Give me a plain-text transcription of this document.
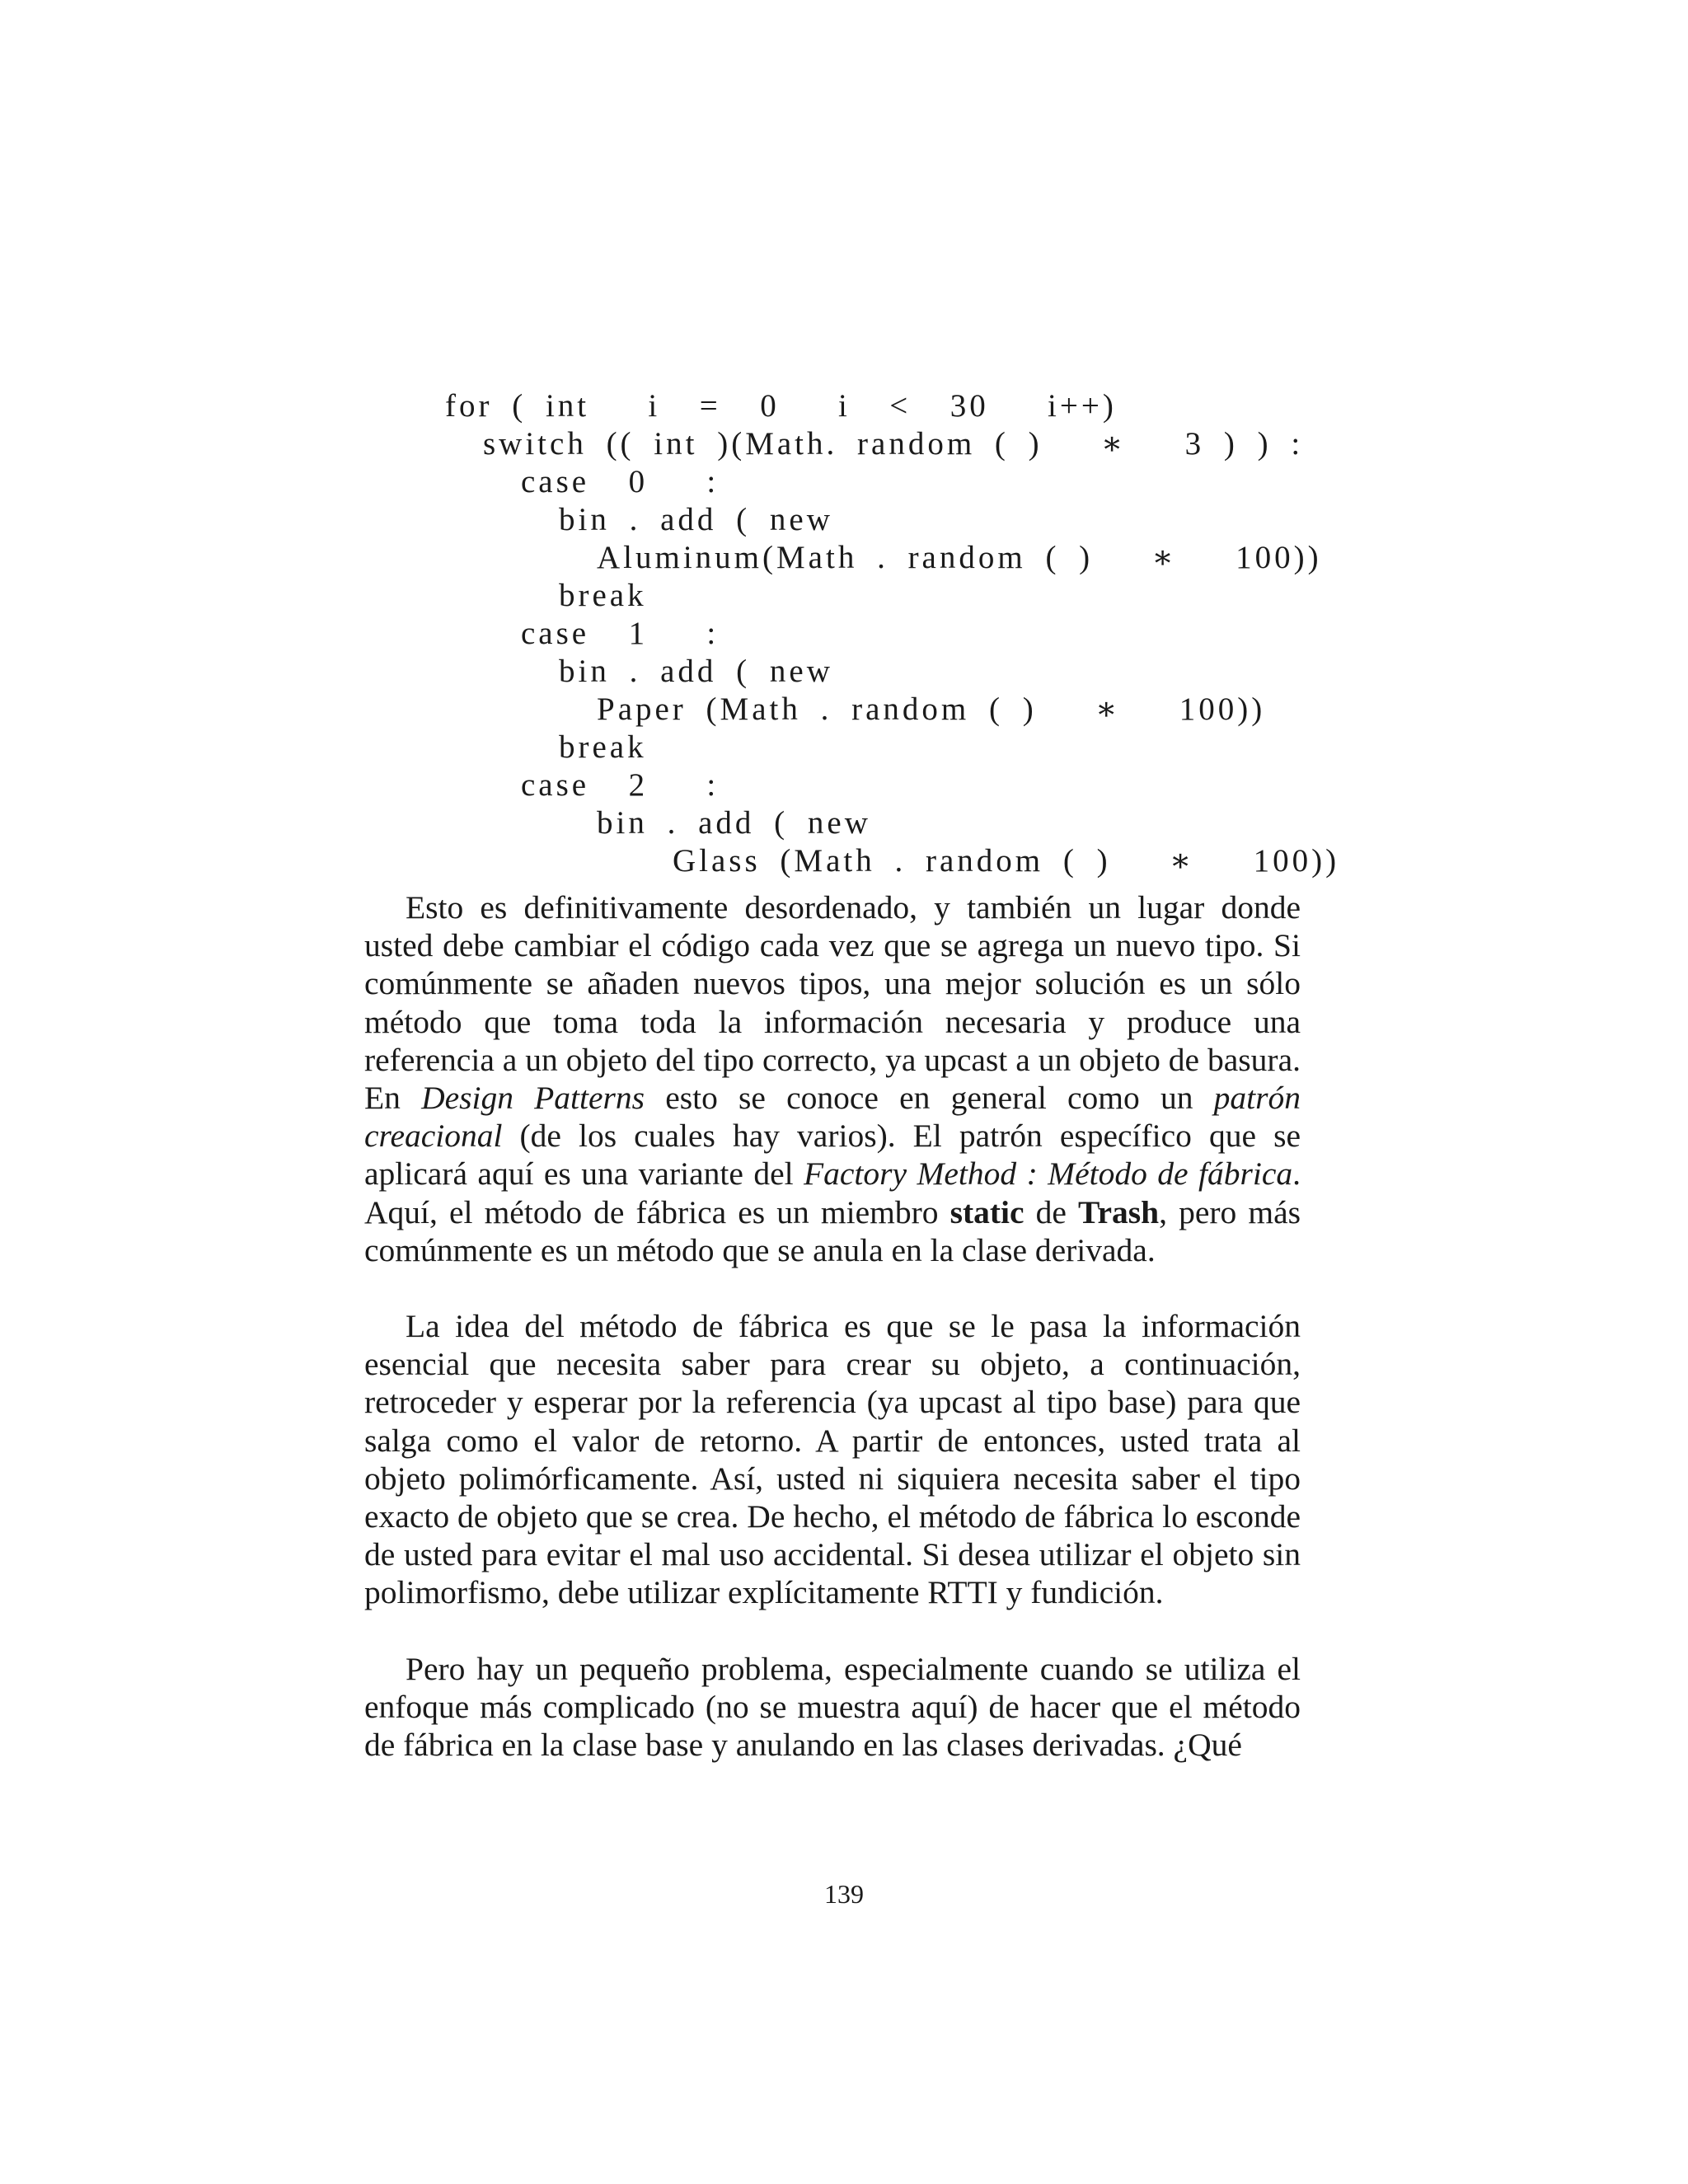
for ( int   i  =  0   i  <  30   i++)
switch (( int )(Math. random ( )   ∗   3 ) ) :
case  0   :
bin . add ( new
Aluminum(Math . random ( )   ∗   100))
break
case  1   :
bin . add ( new
Paper (Math . random ( )   ∗   100))
break
case  2   :
bin . add ( new
Glass (Math . random ( )   ∗   100))

Esto es definitivamente desordenado, y también un lugar donde usted debe cambiar el código cada vez que se agrega un nuevo tipo. Si comúnmente se añaden nuevos tipos, una mejor solución es un sólo método que toma toda la información necesaria y produce una referencia a un objeto del tipo correcto, ya upcast a un objeto de basura. En Design Patterns esto se conoce en general como un patrón creacional (de los cuales hay varios). El patrón específico que se aplicará aquí es una variante del Factory Method : Método de fábrica. Aquí, el método de fábrica es un miembro static de Trash, pero más comúnmente es un método que se anula en la clase derivada.

La idea del método de fábrica es que se le pasa la información esencial que necesita saber para crear su objeto, a continuación, retroceder y esperar por la referencia (ya upcast al tipo base) para que salga como el valor de retorno. A partir de entonces, usted trata al objeto polimórficamente. Así, usted ni siquiera necesita saber el tipo exacto de objeto que se crea. De hecho, el método de fábrica lo esconde de usted para evitar el mal uso accidental. Si desea utilizar el objeto sin polimorfismo, debe utilizar explícitamente RTTI y fundición.

Pero hay un pequeño problema, especialmente cuando se utiliza el enfoque más complicado (no se muestra aquí) de hacer que el método de fábrica en la clase base y anulando en las clases derivadas. ¿Qué

139
